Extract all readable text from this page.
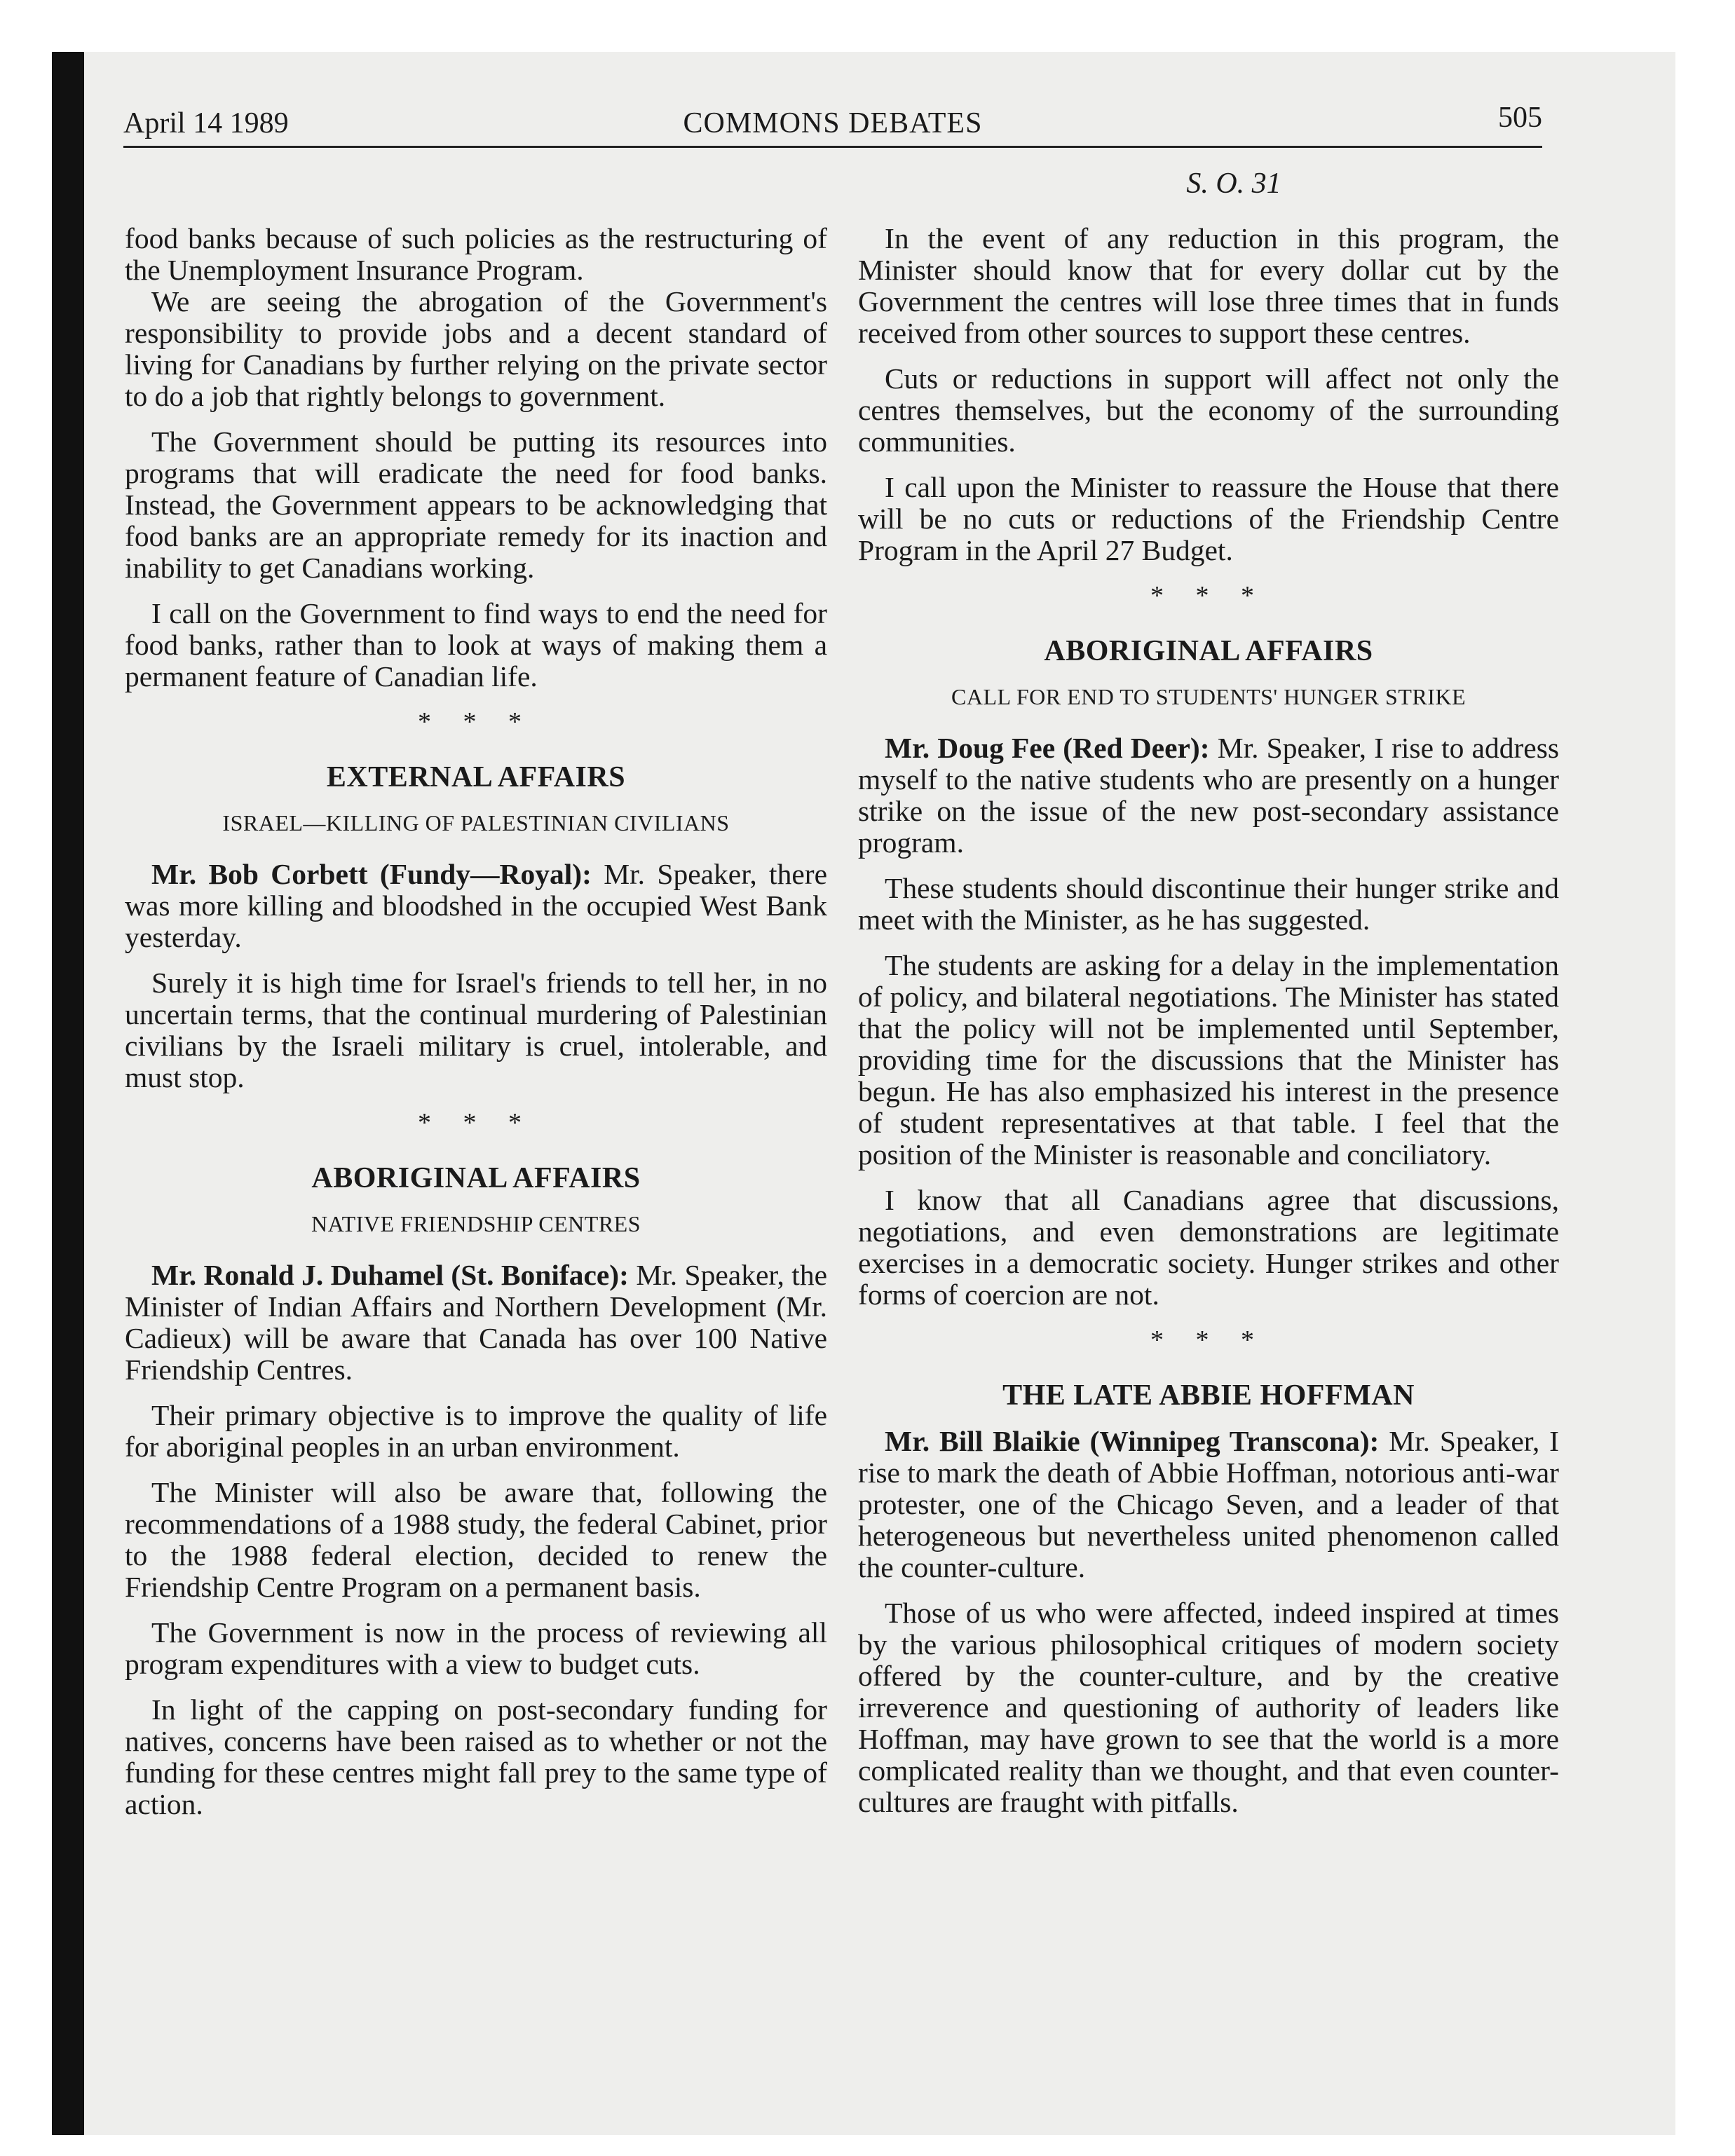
April 14 1989	COMMONS DEBATES	505
S. O. 31

food banks because of such policies as the restructuring of the Unemployment Insurance Program.

We are seeing the abrogation of the Government's responsibility to provide jobs and a decent standard of living for Canadians by further relying on the private sector to do a job that rightly belongs to government.

The Government should be putting its resources into programs that will eradicate the need for food banks. Instead, the Government appears to be acknowledging that food banks are an appropriate remedy for its inaction and inability to get Canadians working.

I call on the Government to find ways to end the need for food banks, rather than to look at ways of making them a permanent feature of Canadian life.

* * *
EXTERNAL AFFAIRS
ISRAEL—KILLING OF PALESTINIAN CIVILIANS

Mr. Bob Corbett (Fundy—Royal): Mr. Speaker, there was more killing and bloodshed in the occupied West Bank yesterday.

Surely it is high time for Israel's friends to tell her, in no uncertain terms, that the continual murdering of Palestinian civilians by the Israeli military is cruel, intolerable, and must stop.

* * *
ABORIGINAL AFFAIRS
NATIVE FRIENDSHIP CENTRES

Mr. Ronald J. Duhamel (St. Boniface): Mr. Speaker, the Minister of Indian Affairs and Northern Development (Mr. Cadieux) will be aware that Canada has over 100 Native Friendship Centres.

Their primary objective is to improve the quality of life for aboriginal peoples in an urban environment.

The Minister will also be aware that, following the recommendations of a 1988 study, the federal Cabinet, prior to the 1988 federal election, decided to renew the Friendship Centre Program on a permanent basis.

The Government is now in the process of reviewing all program expenditures with a view to budget cuts.

In light of the capping on post-secondary funding for natives, concerns have been raised as to whether or not the funding for these centres might fall prey to the same type of action.

In the event of any reduction in this program, the Minister should know that for every dollar cut by the Government the centres will lose three times that in funds received from other sources to support these centres.

Cuts or reductions in support will affect not only the centres themselves, but the economy of the surrounding communities.

I call upon the Minister to reassure the House that there will be no cuts or reductions of the Friendship Centre Program in the April 27 Budget.

* * *
ABORIGINAL AFFAIRS
CALL FOR END TO STUDENTS' HUNGER STRIKE

Mr. Doug Fee (Red Deer): Mr. Speaker, I rise to address myself to the native students who are presently on a hunger strike on the issue of the new post-secondary assistance program.

These students should discontinue their hunger strike and meet with the Minister, as he has suggested.

The students are asking for a delay in the implementation of policy, and bilateral negotiations. The Minister has stated that the policy will not be implemented until September, providing time for the discussions that the Minister has begun. He has also emphasized his interest in the presence of student representatives at that table. I feel that the position of the Minister is reasonable and conciliatory.

I know that all Canadians agree that discussions, negotiations, and even demonstrations are legitimate exercises in a democratic society. Hunger strikes and other forms of coercion are not.

* * *
THE LATE ABBIE HOFFMAN

Mr. Bill Blaikie (Winnipeg Transcona): Mr. Speaker, I rise to mark the death of Abbie Hoffman, notorious anti-war protester, one of the Chicago Seven, and a leader of that heterogeneous but nevertheless united phenomenon called the counter-culture.

Those of us who were affected, indeed inspired at times by the various philosophical critiques of modern society offered by the counter-culture, and by the creative irreverence and questioning of authority of leaders like Hoffman, may have grown to see that the world is a more complicated reality than we thought, and that even counter-cultures are fraught with pitfalls.
